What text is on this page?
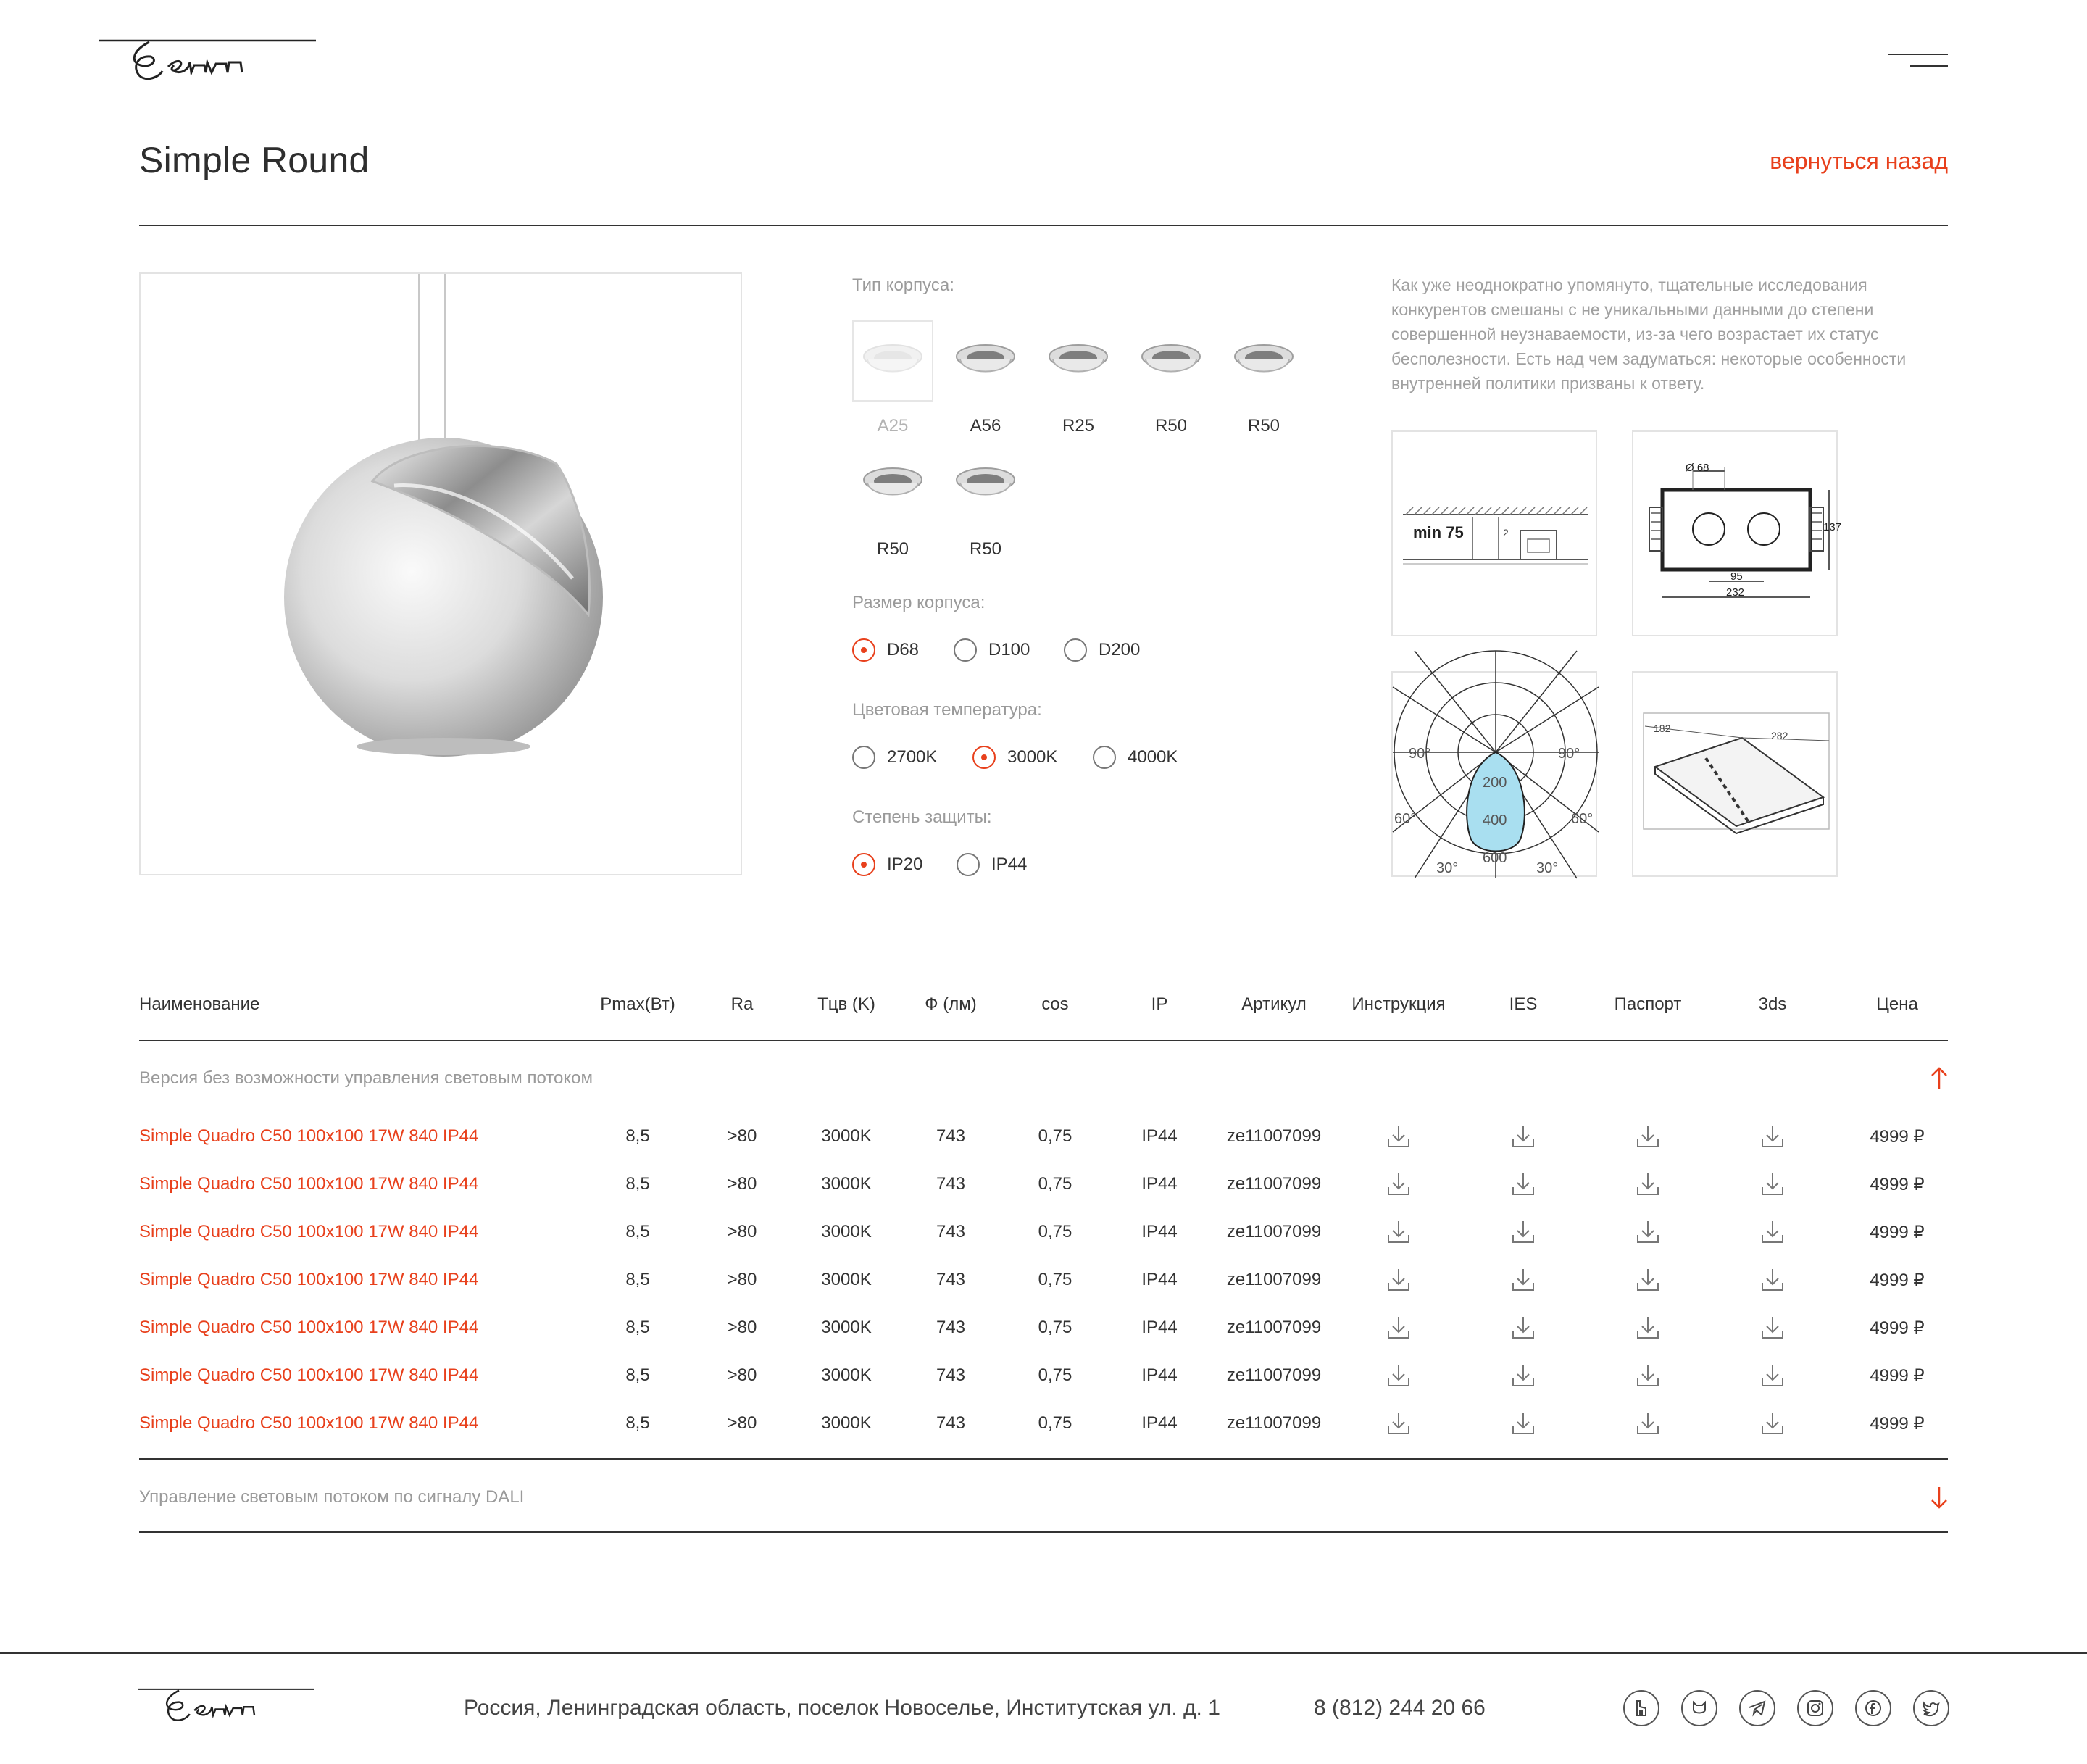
Simple Round	вернуться назад
Тип корпуса:
A25	A56	R25	R50	R50
R50	R50
Размер корпуса:
D68	D100	D200
Цветовая температура:
2700K	3000K	4000K
Степень защиты:
IP20	IP44

Как уже неоднократно упомянуто, тщательные исследования конкурентов смешаны с не уникальными данными до степени совершенной неузнаваемости, из-за чего возрастает их статус бесполезности. Есть над чем задуматься: некоторые особенности внутренней политики призваны к ответу.

min 75	2
Ø 68
137
95
232
90°	90°
60°	60°
30°	30°
200
400
600
182
282
Наименование	Pmax(Вт)	Ra	Тцв (K)	Ф (лм)	cos	IP	Артикул	Инструкция	IES	Паспорт	3ds	Цена
Версия без возможности управления световым потоком
Simple Quadro C50 100x100 17W 840 IP44	8,5	>80	3000K	743	0,75	IP44	ze11007099	4999 ₽
Simple Quadro C50 100x100 17W 840 IP44	8,5	>80	3000K	743	0,75	IP44	ze11007099	4999 ₽
Simple Quadro C50 100x100 17W 840 IP44	8,5	>80	3000K	743	0,75	IP44	ze11007099	4999 ₽
Simple Quadro C50 100x100 17W 840 IP44	8,5	>80	3000K	743	0,75	IP44	ze11007099	4999 ₽
Simple Quadro C50 100x100 17W 840 IP44	8,5	>80	3000K	743	0,75	IP44	ze11007099	4999 ₽
Simple Quadro C50 100x100 17W 840 IP44	8,5	>80	3000K	743	0,75	IP44	ze11007099	4999 ₽
Simple Quadro C50 100x100 17W 840 IP44	8,5	>80	3000K	743	0,75	IP44	ze11007099	4999 ₽
Управление световым потоком по сигналу DALI
Россия, Ленинградская область, поселок Новоселье, Институтская ул. д. 1	8 (812) 244 20 66
